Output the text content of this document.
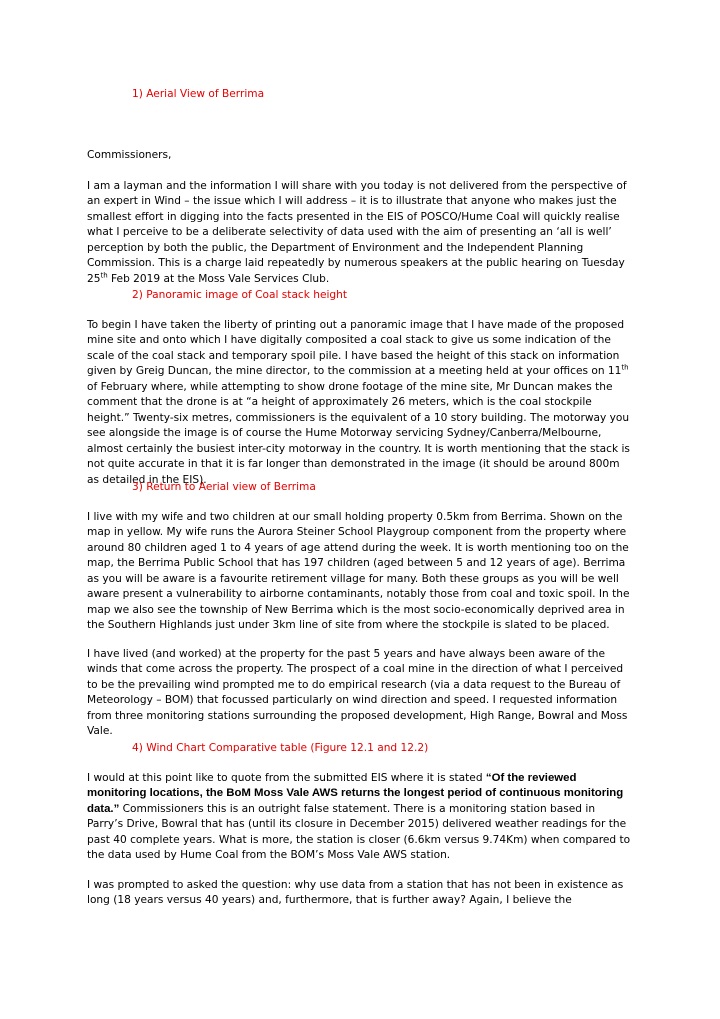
1) Aerial View of Berrima

Commissioners,

I am a layman and the information I will share with you today is not delivered from the perspective of an expert in Wind – the issue which I will address – it is to illustrate that anyone who makes just the smallest effort in digging into the facts presented in the EIS of POSCO/Hume Coal will quickly realise what I perceive to be a deliberate selectivity of data used with the aim of presenting an ‘all is well’ perception by both the public, the Department of Environment and the Independent Planning Commission. This is a charge laid repeatedly by numerous speakers at the public hearing on Tuesday 25th Feb 2019 at the Moss Vale Services Club.

2) Panoramic image of Coal stack height

To begin I have taken the liberty of printing out a panoramic image that I have made of the proposed mine site and onto which I have digitally composited a coal stack to give us some indication of the scale of the coal stack and temporary spoil pile. I have based the height of this stack on information given by Greig Duncan, the mine director, to the commission at a meeting held at your offices on 11th of February where, while attempting to show drone footage of the mine site, Mr Duncan makes the comment that the drone is at “a height of approximately 26 meters, which is the coal stockpile height.” Twenty-six metres, commissioners is the equivalent of a 10 story building. The motorway you see alongside the image is of course the Hume Motorway servicing Sydney/Canberra/Melbourne, almost certainly the busiest inter-city motorway in the country. It is worth mentioning that the stack is not quite accurate in that it is far longer than demonstrated in the image (it should be around 800m as detailed in the EIS).

3) Return to Aerial view of Berrima

I live with my wife and two children at our small holding property 0.5km from Berrima. Shown on the map in yellow. My wife runs the Aurora Steiner School Playgroup component from the property where around 80 children aged 1 to 4 years of age attend during the week. It is worth mentioning too on the map, the Berrima Public School that has 197 children (aged between 5 and 12 years of age). Berrima as you will be aware is a favourite retirement village for many. Both these groups as you will be well aware present a vulnerability to airborne contaminants, notably those from coal and toxic spoil. In the map we also see the township of New Berrima which is the most socio-economically deprived area in the Southern Highlands just under 3km line of site from where the stockpile is slated to be placed.

I have lived (and worked) at the property for the past 5 years and have always been aware of the winds that come across the property. The prospect of a coal mine in the direction of what I perceived to be the prevailing wind prompted me to do empirical research (via a data request to the Bureau of Meteorology – BOM) that focussed particularly on wind direction and speed. I requested information from three monitoring stations surrounding the proposed development, High Range, Bowral and Moss Vale.

4) Wind Chart Comparative table (Figure 12.1 and 12.2)

I would at this point like to quote from the submitted EIS where it is stated “Of the reviewed monitoring locations, the BoM Moss Vale AWS returns the longest period of continuous monitoring data.” Commissioners this is an outright false statement. There is a monitoring station based in Parry’s Drive, Bowral that has (until its closure in December 2015) delivered weather readings for the past 40 complete years. What is more, the station is closer (6.6km versus 9.74Km) when compared to the data used by Hume Coal from the BOM’s Moss Vale AWS station.

I was prompted to asked the question: why use data from a station that has not been in existence as long (18 years versus 40 years) and, furthermore, that is further away? Again, I believe the
